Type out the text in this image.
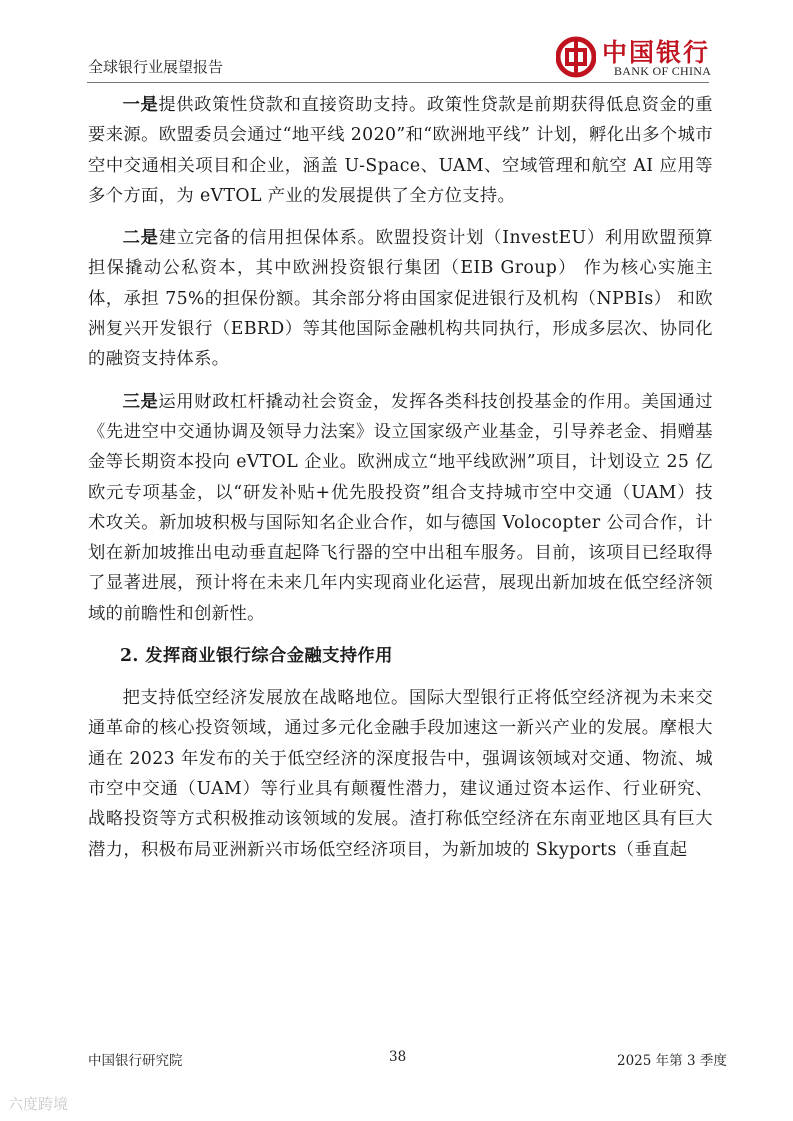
全球银行业展望报告	中国银行
BANK OF CHINA

一是提供政策性贷款和直接资助支持。政策性贷款是前期获得低息资金的重要来源。欧盟委员会通过“地平线 2020”和“欧洲地平线” 计划，孵化出多个城市空中交通相关项目和企业，涵盖 U-Space、UAM、空域管理和航空 AI 应用等多个方面，为 eVTOL 产业的发展提供了全方位支持。

二是建立完备的信用担保体系。欧盟投资计划（InvestEU）利用欧盟预算担保撬动公私资本，其中欧洲投资银行集团（EIB Group） 作为核心实施主体，承担 75%的担保份额。其余部分将由国家促进银行及机构（NPBIs） 和欧洲复兴开发银行（EBRD）等其他国际金融机构共同执行，形成多层次、协同化的融资支持体系。

三是运用财政杠杆撬动社会资金，发挥各类科技创投基金的作用。美国通过《先进空中交通协调及领导力法案》设立国家级产业基金，引导养老金、捐赠基金等长期资本投向 eVTOL 企业。欧洲成立“地平线欧洲”项目，计划设立 25 亿欧元专项基金，以“研发补贴+优先股投资”组合支持城市空中交通（UAM）技术攻关。新加坡积极与国际知名企业合作，如与德国 Volocopter 公司合作，计划在新加坡推出电动垂直起降飞行器的空中出租车服务。目前，该项目已经取得了显著进展，预计将在未来几年内实现商业化运营，展现出新加坡在低空经济领域的前瞻性和创新性。

2. 发挥商业银行综合金融支持作用

把支持低空经济发展放在战略地位。国际大型银行正将低空经济视为未来交通革命的核心投资领域，通过多元化金融手段加速这一新兴产业的发展。摩根大通在 2023 年发布的关于低空经济的深度报告中，强调该领域对交通、物流、城市空中交通（UAM）等行业具有颠覆性潜力，建议通过资本运作、行业研究、战略投资等方式积极推动该领域的发展。渣打称低空经济在东南亚地区具有巨大潜力，积极布局亚洲新兴市场低空经济项目，为新加坡的 Skyports（垂直起

中国银行研究院	38	2025 年第 3 季度
六度跨境
